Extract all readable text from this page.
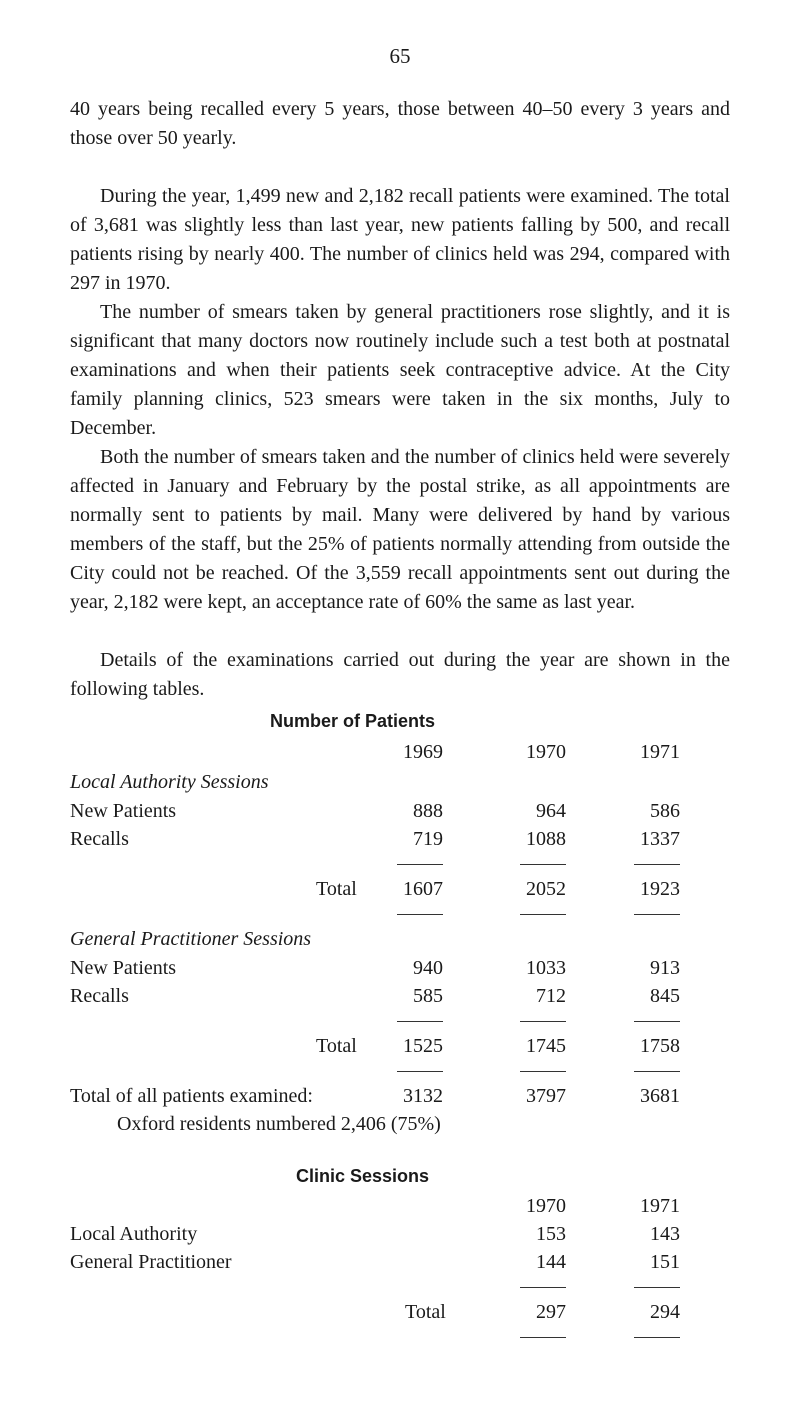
65

40 years being recalled every 5 years, those between 40–50 every 3 years and those over 50 yearly.

During the year, 1,499 new and 2,182 recall patients were examined. The total of 3,681 was slightly less than last year, new patients falling by 500, and recall patients rising by nearly 400. The number of clinics held was 294, compared with 297 in 1970.

The number of smears taken by general practitioners rose slightly, and it is significant that many doctors now routinely include such a test both at postnatal examinations and when their patients seek contraceptive advice. At the City family planning clinics, 523 smears were taken in the six months, July to December.

Both the number of smears taken and the number of clinics held were severely affected in January and February by the postal strike, as all appointments are normally sent to patients by mail. Many were delivered by hand by various members of the staff, but the 25% of patients normally attending from outside the City could not be reached. Of the 3,559 recall appointments sent out during the year, 2,182 were kept, an acceptance rate of 60% the same as last year.

Details of the examinations carried out during the year are shown in the following tables.

Number of Patients
1969	1970	1971
Local Authority Sessions
New Patients	888	964	586
Recalls	719	1088	1337
Total 1607	2052	1923
General Practitioner Sessions
New Patients	940	1033	913
Recalls	585	712	845
Total 1525	1745	1758
Total of all patients examined:	3132	3797	3681
Oxford residents numbered 2,406 (75%)
Clinic Sessions
1970	1971
Local Authority	153	143
General Practitioner	144	151
Total	297	294
